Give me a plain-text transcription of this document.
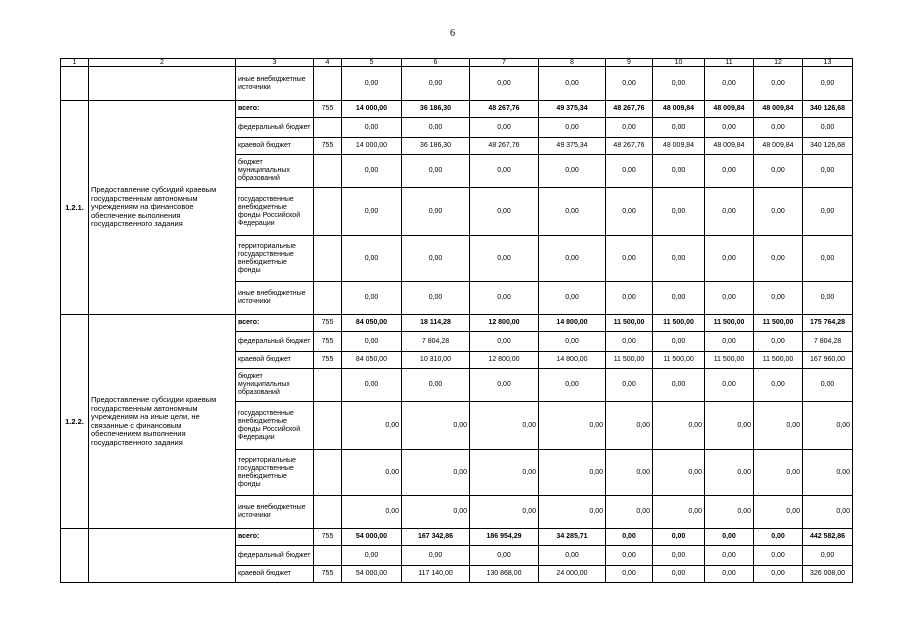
6
1	2	3	4	5	6	7	8	9	10	11	12	13
		иные внебюджетные источники		0,00	0,00	0,00	0,00	0,00	0,00	0,00	0,00	0,00
1.2.1.	Предоставление субсидий краевым государственным автономным учреждениям на финансовое обеспечение выполнения государственного задания	всего:	755	14 000,00	36 186,30	48 267,76	49 375,34	48 267,76	48 009,84	48 009,84	48 009,84	340 126,68
		федеральный бюджет		0,00	0,00	0,00	0,00	0,00	0,00	0,00	0,00	0,00
		краевой бюджет	755	14 000,00	36 186,30	48 267,76	49 375,34	48 267,76	48 009,84	48 009,84	48 009,84	340 126,68
		бюджет муниципальных образований		0,00	0,00	0,00	0,00	0,00	0,00	0,00	0,00	0,00
		государственные внебюджетные фонды Российской Федерации		0,00	0,00	0,00	0,00	0,00	0,00	0,00	0,00	0,00
		территориальные государственные внебюджетные фонды		0,00	0,00	0,00	0,00	0,00	0,00	0,00	0,00	0,00
		иные внебюджетные источники		0,00	0,00	0,00	0,00	0,00	0,00	0,00	0,00	0,00
1.2.2.	Предоставление субсидии краевым государственным автономным учреждениям на иные цели, не связанные с финансовым обеспечением выполнения государственного задания	всего:	755	84 050,00	18 114,28	12 800,00	14 800,00	11 500,00	11 500,00	11 500,00	11 500,00	175 764,28
		федеральный бюджет	755	0,00	7 804,28	0,00	0,00	0,00	0,00	0,00	0,00	7 804,28
		краевой бюджет	755	84 050,00	10 310,00	12 800,00	14 800,00	11 500,00	11 500,00	11 500,00	11 500,00	167 960,00
		бюджет муниципальных образований		0,00	0,00	0,00	0,00	0,00	0,00	0,00	0,00	0,00
		государственные внебюджетные фонды Российской Федерации		0,00	0,00	0,00	0,00	0,00	0,00	0,00	0,00	0,00
		территориальные государственные внебюджетные фонды		0,00	0,00	0,00	0,00	0,00	0,00	0,00	0,00	0,00
		иные внебюджетные источники		0,00	0,00	0,00	0,00	0,00	0,00	0,00	0,00	0,00
		всего:	755	54 000,00	167 342,86	186 954,29	34 285,71	0,00	0,00	0,00	0,00	442 582,86
		федеральный бюджет		0,00	0,00	0,00	0,00	0,00	0,00	0,00	0,00	0,00
		краевой бюджет	755	54 000,00	117 140,00	130 868,00	24 000,00	0,00	0,00	0,00	0,00	326 008,00
